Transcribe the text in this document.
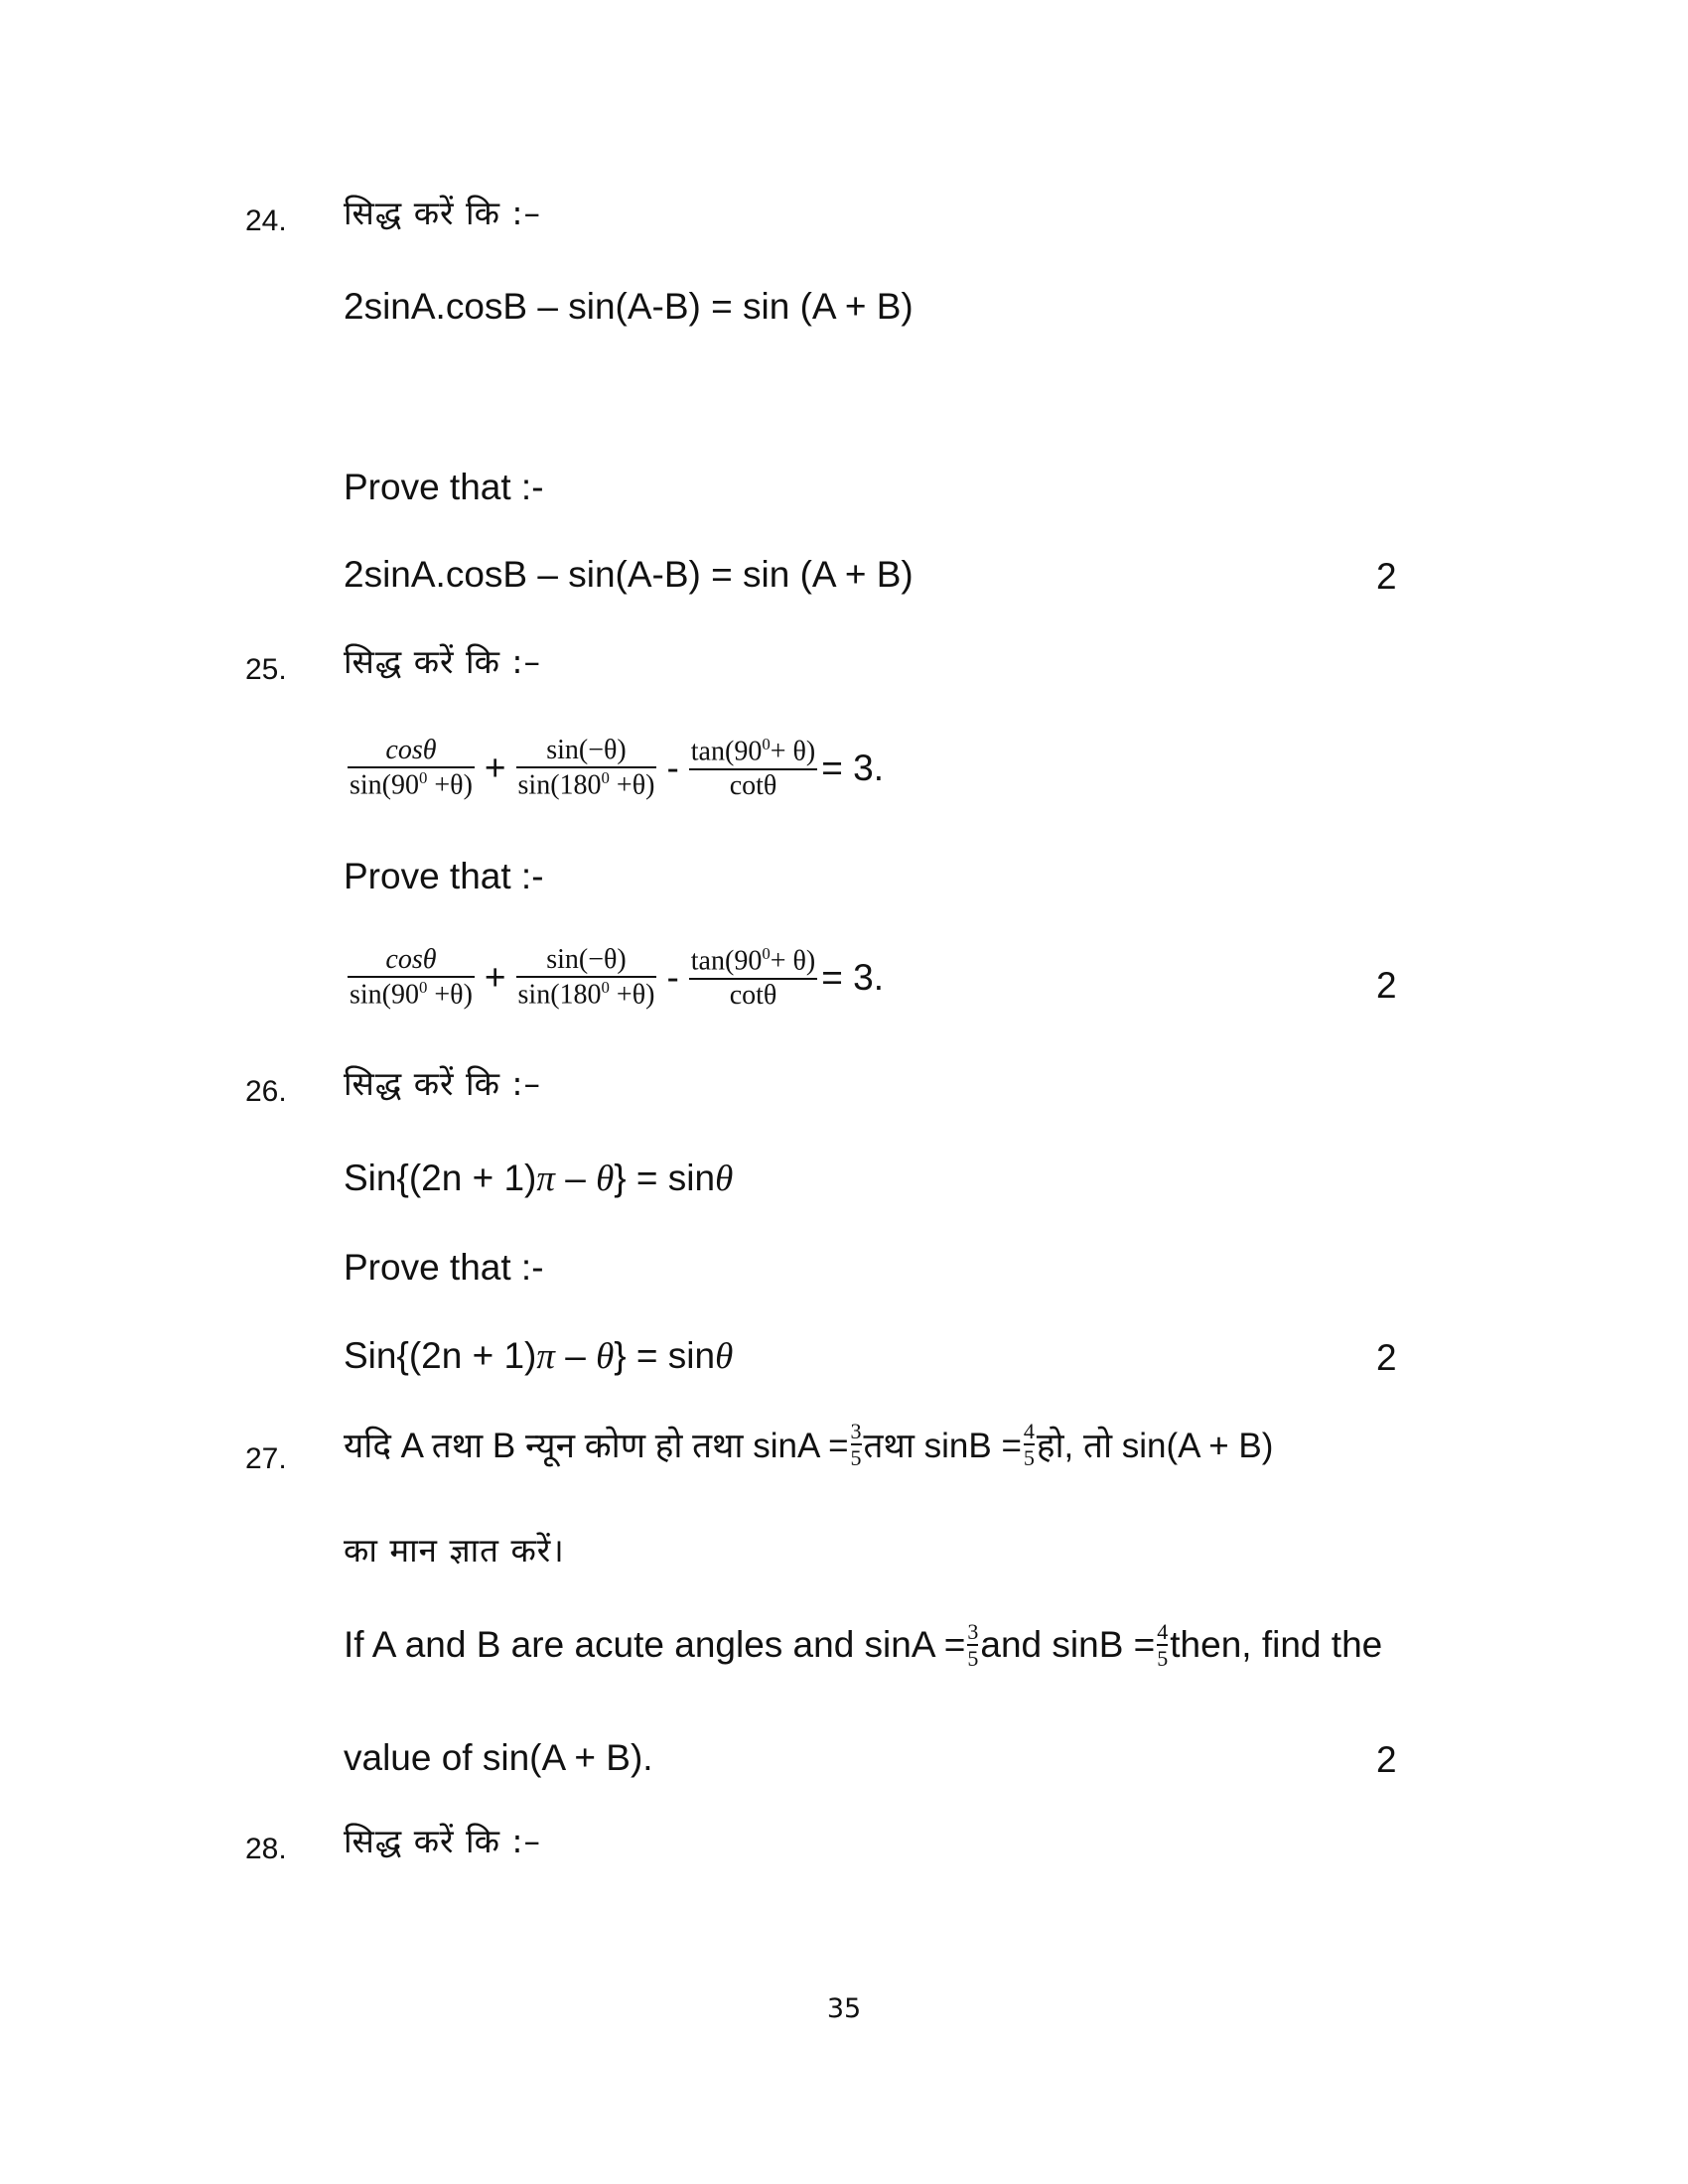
24. सिद्ध करें कि :–
2sinA.cosB – sin(A-B) = sin (A + B)
Prove that :-
2sinA.cosB – sin(A-B) = sin (A + B)	2
25. सिद्ध करें कि :–
$\frac{\cos\theta}{\sin(90^0 +\theta)} + \frac{\sin(-\theta)}{\sin(180^0 +\theta)} - \frac{\tan(90^0+ \theta)}{\cot\theta} = 3$.
Prove that :-
$\frac{\cos\theta}{\sin(90^0 +\theta)} + \frac{\sin(-\theta)}{\sin(180^0 +\theta)} - \frac{\tan(90^0+ \theta)}{\cot\theta} = 3$.	2
26. सिद्ध करें कि :–
Sin{(2n + 1)π – θ} = sinθ
Prove that :-
Sin{(2n + 1)π – θ} = sinθ	2
27. यदि A तथा B न्यून कोण हो तथा sinA = 3
5 तथा sinB = 4
5 हो, तो sin(A + B)
का मान ज्ञात करें।
If A and B are acute angles and sinA = 3
5 and sinB = 4
5 then, find the
value of sin(A + B).	2
28. सिद्ध करें कि :–
35
